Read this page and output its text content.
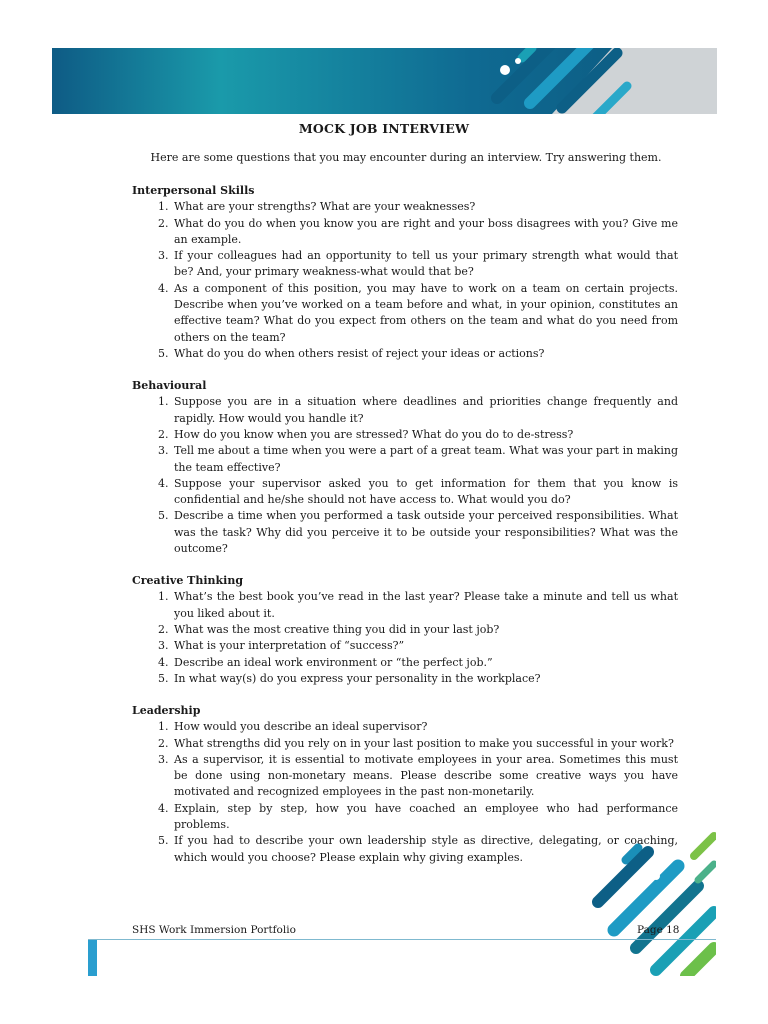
MOCK JOB INTERVIEW
Here are some questions that you may encounter during an interview. Try answering them.
Interpersonal Skills
1. What are your strengths? What are your weaknesses?
2. What do you do when you know you are right and your boss disagrees with you? Give me an example.
3. If your colleagues had an opportunity to tell us your primary strength what would that be? And, your primary weakness-what would that be?
4. As a component of this position, you may have to work on a team on certain projects. Describe when you’ve worked on a team before and what, in your opinion, constitutes an effective team? What do you expect from others on the team and what do you need from others on the team?
5. What do you do when others resist of reject your ideas or actions?
Behavioural
1. Suppose you are in a situation where deadlines and priorities change frequently and rapidly. How would you handle it?
2. How do you know when you are stressed? What do you do to de-stress?
3. Tell me about a time when you were a part of a great team. What was your part in making the team effective?
4. Suppose your supervisor asked you to get information for them that you know is confidential and he/she should not have access to. What would you do?
5. Describe a time when you performed a task outside your perceived responsibilities. What was the task? Why did you perceive it to be outside your responsibilities? What was the outcome?
Creative Thinking
1. What’s the best book you’ve read in the last year? Please take a minute and tell us what you liked about it.
2. What was the most creative thing you did in your last job?
3. What is your interpretation of “success?”
4. Describe an ideal work environment or “the perfect job.”
5. In what way(s) do you express your personality in the workplace?
Leadership
1. How would you describe an ideal supervisor?
2. What strengths did you rely on in your last position to make you successful in your work?
3. As a supervisor, it is essential to motivate employees in your area. Sometimes this must be done using non-monetary means. Please describe some creative ways you have motivated and recognized employees in the past non-monetarily.
4. Explain, step by step, how you have coached an employee who had performance problems.
5. If you had to describe your own leadership style as directive, delegating, or coaching, which would you choose? Please explain why giving examples.
SHS Work Immersion Portfolio	Page 18
